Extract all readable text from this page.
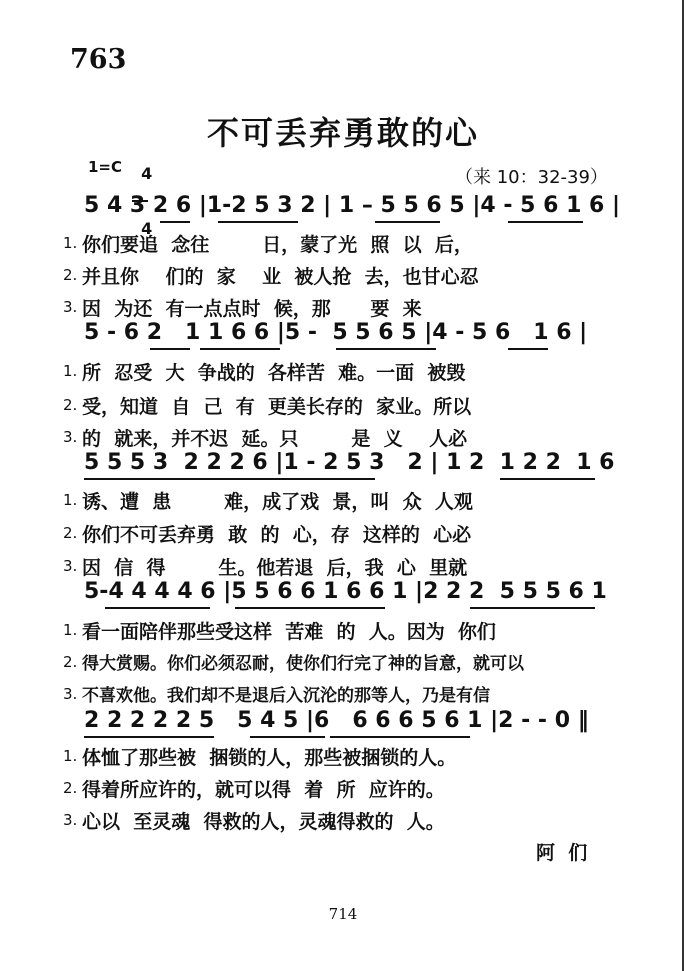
763
不可丢弃勇敢的心
1=C	4

4

（来 10：32-39）
5 4 3 2 6 |1-2 5 3 2 | 1 – 5 5 6 5 |4 - 5 6 1 6 |
1. 你们要追  念往        日，蒙了光  照  以  后，
2. 并且你    们的  家    业  被人抢  去，也甘心忍
3. 因  为还  有一点点时  候，那      要  来
5 - 6 2   1 1 6 6 |5 -  5 5 6 5 |4 - 5 6   1 6 |
1. 所  忍受  大  争战的  各样苦  难。一面  被毁
2. 受，知道  自  己  有  更美长存的  家业。所以
3. 的  就来，并不迟  延。只        是  义    人必
5 5 5 3  2 2 2 6 |1 - 2 5 3   2 | 1 2  1 2 2  1 6
1. 诱、遭  患        难，成了戏  景，叫  众  人观
2. 你们不可丢弃勇  敢  的  心，存  这样的  心必
3. 因  信  得        生。他若退  后，我  心  里就
5-4 4 4 4 6 |5 5 6 6 1 6 6 1 |2 2 2  5 5 5 6 1
1. 看一面陪伴那些受这样  苦难  的  人。因为  你们
2. 得大赏赐。你们必须忍耐，使你们行完了神的旨意，就可以
3. 不喜欢他。我们却不是退后入沉沦的那等人，乃是有信
2 2 2 2 2 5   5 4 5 |6   6 6 6 5 6 1 |2 - - 0 ‖
1. 体恤了那些被  捆锁的人，那些被捆锁的人。
2. 得着所应许的，就可以得  着  所  应许的。
3. 心以  至灵魂  得救的人，灵魂得救的  人。
阿  们
714
